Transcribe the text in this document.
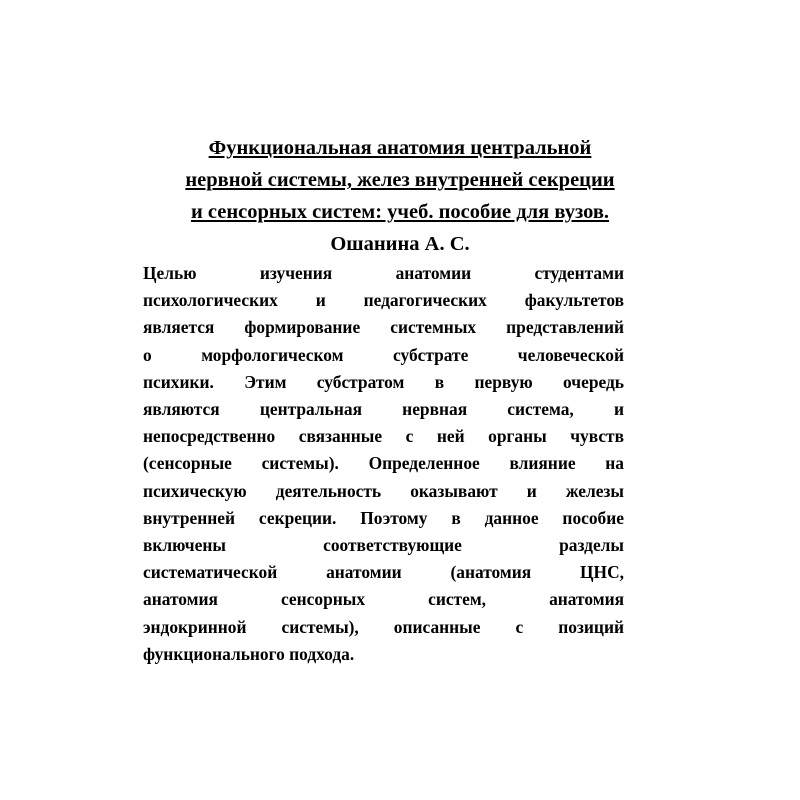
Функциональная анатомия центральной
нервной системы, желез внутренней секреции
и сенсорных систем: учеб. пособие для вузов.
Ошанина А. С.
Целью изучения анатомии студентами
психологических и педагогических факультетов
является формирование системных представлений
о морфологическом субстрате человеческой
психики. Этим субстратом в первую очередь
являются центральная нервная система, и
непосредственно связанные с ней органы чувств
(сенсорные системы). Определенное влияние на
психическую деятельность оказывают и железы
внутренней секреции. Поэтому в данное пособие
включены соответствующие разделы
систематической анатомии (анатомия ЦНС,
анатомия сенсорных систем, анатомия
эндокринной системы), описанные с позиций
функционального подхода.
